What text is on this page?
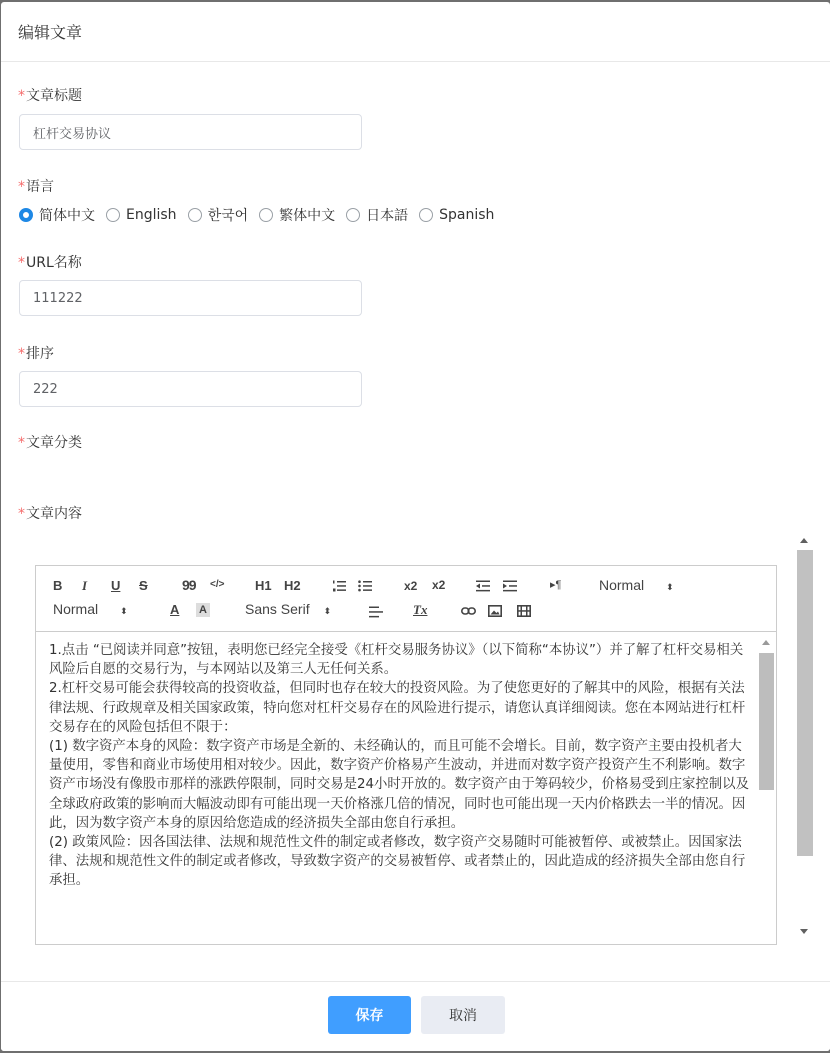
编辑文章
*文章标题
杠杆交易协议
*语言
简体中文 English 한국어 繁体中文 日本語 Spanish
*URL名称
111222
*排序
222
*文章分类
*文章内容
B I U S 99 </> H1 H2	x2 x2	▸¶	Normal ⬍
Normal ⬍	A A	Sans Serif ⬍	Tx

1.点击 “已阅读并同意”按钮，表明您已经完全接受《杠杆交易服务协议》（以下简称“本协议”）并了解了杠杆交易相关风险后自愿的交易行为，与本网站以及第三人无任何关系。

2.杠杆交易可能会获得较高的投资收益，但同时也存在较大的投资风险。为了使您更好的了解其中的风险，根据有关法律法规、行政规章及相关国家政策，特向您对杠杆交易存在的风险进行提示，请您认真详细阅读。您在本网站进行杠杆交易存在的风险包括但不限于：

(1) 数字资产本身的风险：数字资产市场是全新的、未经确认的，而且可能不会增长。目前，数字资产主要由投机者大量使用，零售和商业市场使用相对较少。因此，数字资产价格易产生波动，并进而对数字资产投资产生不利影响。数字资产市场没有像股市那样的涨跌停限制，同时交易是24小时开放的。数字资产由于筹码较少，价格易受到庄家控制以及全球政府政策的影响而大幅波动即有可能出现一天价格涨几倍的情况，同时也可能出现一天内价格跌去一半的情况。因此，因为数字资产本身的原因给您造成的经济损失全部由您自行承担。

(2) 政策风险：因各国法律、法规和规范性文件的制定或者修改，数字资产交易随时可能被暂停、或被禁止。因国家法律、法规和规范性文件的制定或者修改，导致数字资产的交易被暂停、或者禁止的，因此造成的经济损失全部由您自行承担。

保存	取消
